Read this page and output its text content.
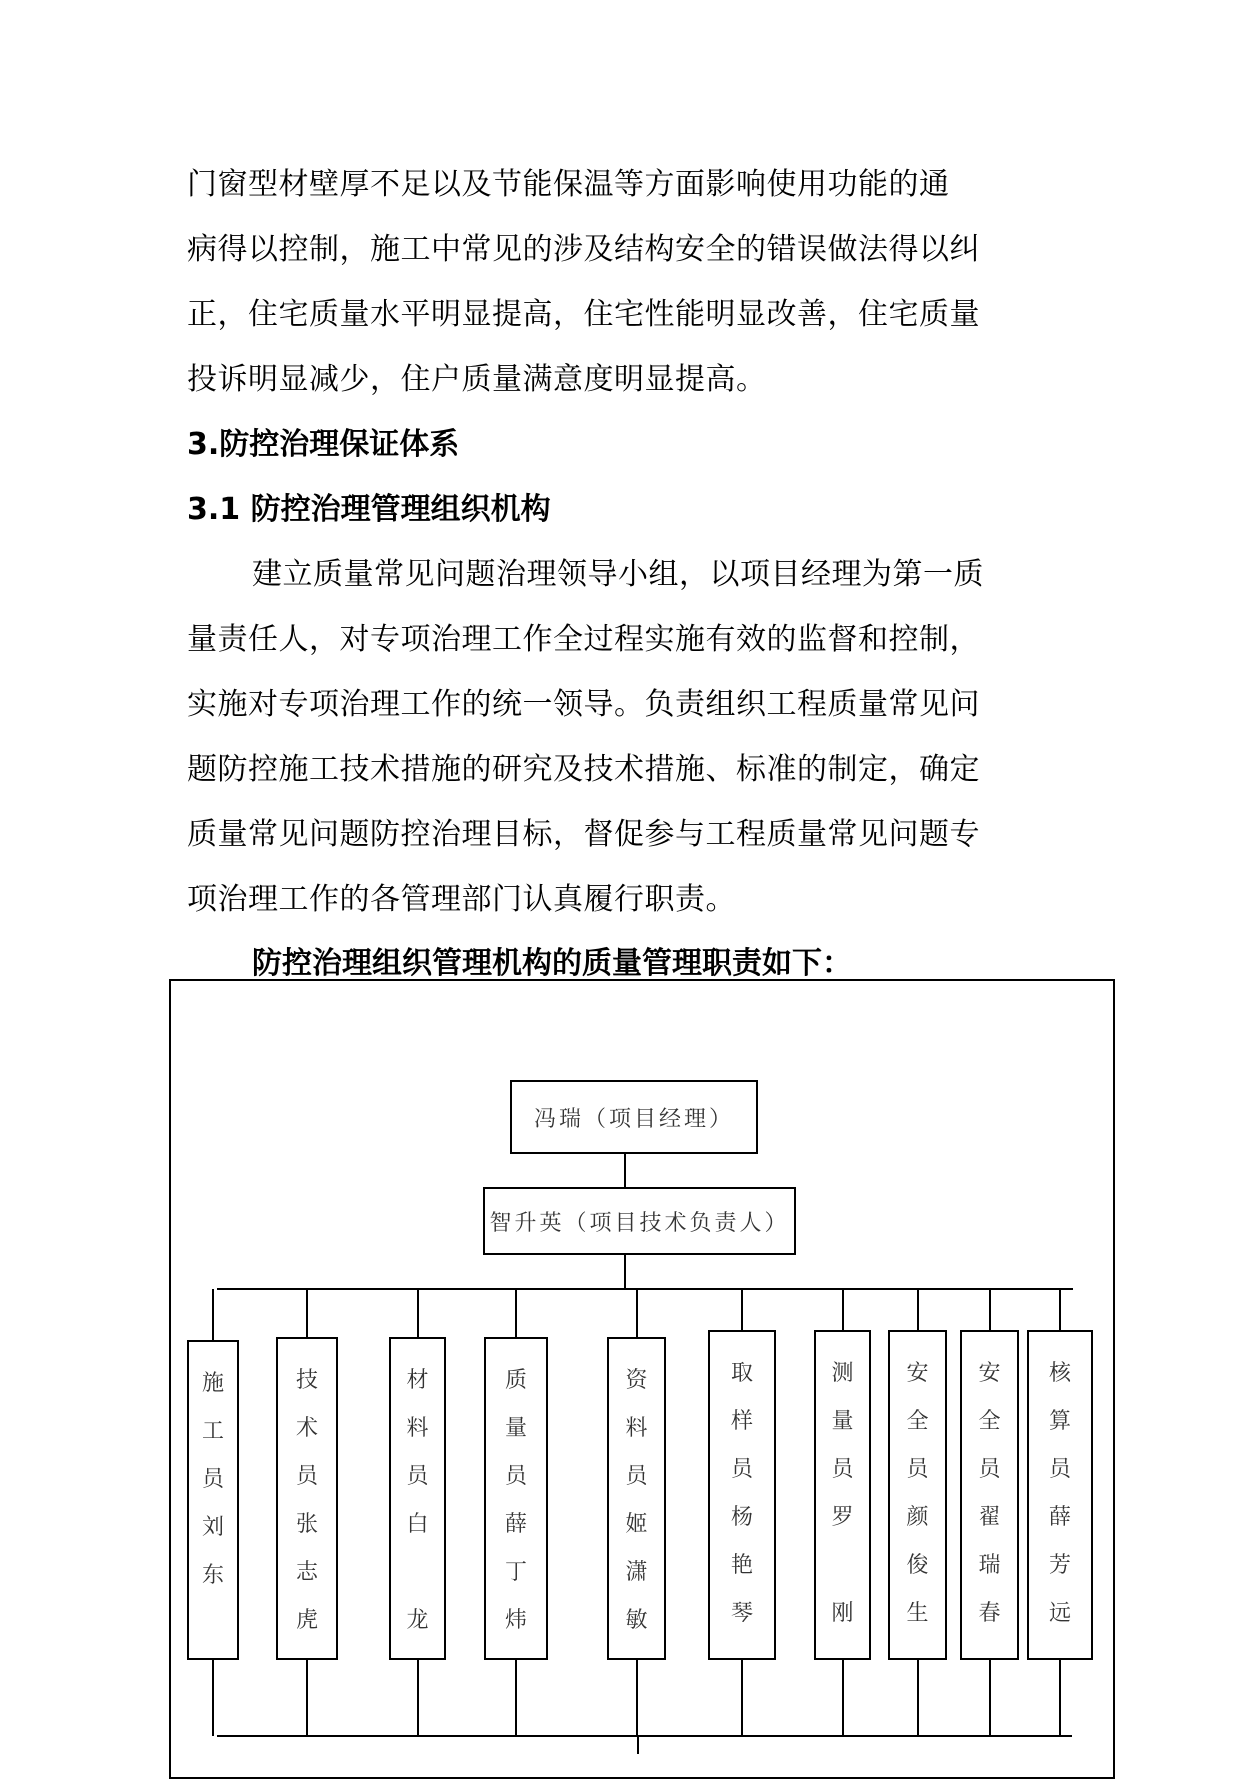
门窗型材壁厚不足以及节能保温等方面影响使用功能的通
病得以控制，施工中常见的涉及结构安全的错误做法得以纠
正，住宅质量水平明显提高，住宅性能明显改善，住宅质量
投诉明显减少，住户质量满意度明显提高。
3.防控治理保证体系
3.1 防控治理管理组织机构
建立质量常见问题治理领导小组，以项目经理为第一质
量责任人，对专项治理工作全过程实施有效的监督和控制，
实施对专项治理工作的统一领导。负责组织工程质量常见问
题防控施工技术措施的研究及技术措施、标准的制定，确定
质量常见问题防控治理目标，督促参与工程质量常见问题专
项治理工作的各管理部门认真履行职责。
防控治理组织管理机构的质量管理职责如下：
冯瑞（项目经理）
智升英（项目技术负责人）
施
工
员
刘
东
技
术
员
张
志
虎
材
料
员
白
龙
质
量
员
薛
丁
炜
资
料
员
姬
潇
敏
取
样
员
杨
艳
琴
测
量
员
罗
刚
安
全
员
颜
俊
生
安
全
员
翟
瑞
春
核
算
员
薛
芳
远
